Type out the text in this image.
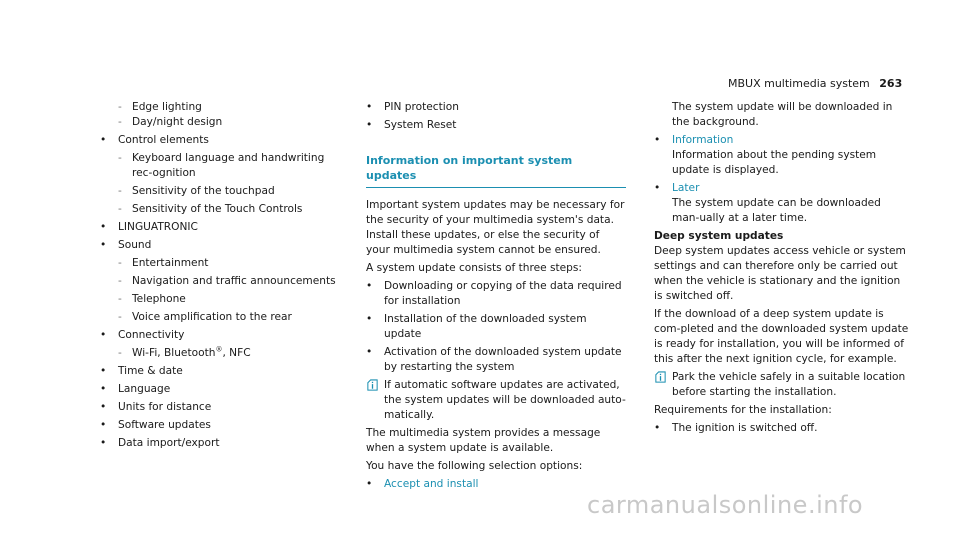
MBUX multimedia system 263
- Edge lighting
- Day/night design
• Control elements
- Keyboard language and handwriting rec-ognition
- Sensitivity of the touchpad
- Sensitivity of the Touch Controls
• LINGUATRONIC
• Sound
- Entertainment
- Navigation and traffic announcements
- Telephone
- Voice amplification to the rear
• Connectivity
- Wi-Fi, Bluetooth®, NFC
• Time & date
• Language
• Units for distance
• Software updates
• Data import/export
• PIN protection
• System Reset
Information on important system updates

Important system updates may be necessary for the security of your multimedia system's data. Install these updates, or else the security of your multimedia system cannot be ensured.

A system update consists of three steps:

• Downloading or copying of the data required for installation
• Installation of the downloaded system update
• Activation of the downloaded system update by restarting the system
If automatic software updates are activated, the system updates will be downloaded auto-matically.

The multimedia system provides a message when a system update is available.

You have the following selection options:

• Accept and install
The system update will be downloaded in the background.
• Information
Information about the pending system update is displayed.
• Later
The system update can be downloaded man-ually at a later time.
Deep system updates

Deep system updates access vehicle or system settings and can therefore only be carried out when the vehicle is stationary and the ignition is switched off.

If the download of a deep system update is com-pleted and the downloaded system update is ready for installation, you will be informed of this after the next ignition cycle, for example.

Park the vehicle safely in a suitable location before starting the installation.

Requirements for the installation:

• The ignition is switched off.
carmanualsonline.info
